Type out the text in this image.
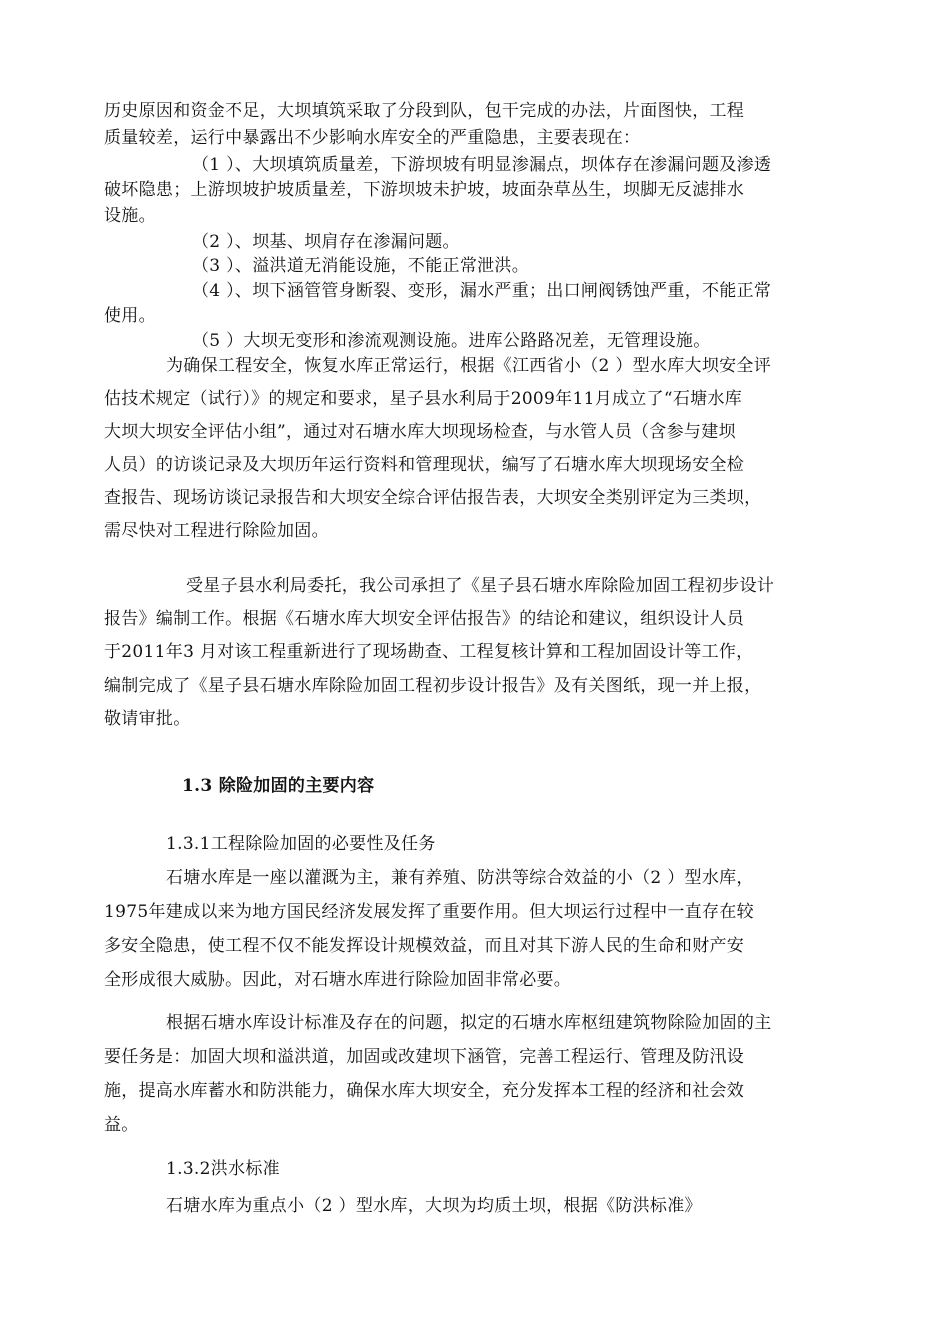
历史原因和资金不足，大坝填筑采取了分段到队，包干完成的办法，片面图快，工程
质量较差，运行中暴露出不少影响水库安全的严重隐患，主要表现在：
（1 ）、大坝填筑质量差，下游坝坡有明显渗漏点，坝体存在渗漏问题及渗透
破坏隐患；上游坝坡护坡质量差，下游坝坡未护坡，坡面杂草丛生，坝脚无反滤排水
设施。
（2 ）、坝基、坝肩存在渗漏问题。
（3 ）、溢洪道无消能设施，不能正常泄洪。
（4 ）、坝下涵管管身断裂、变形，漏水严重；出口闸阀锈蚀严重，不能正常
使用。
（5 ）大坝无变形和渗流观测设施。进库公路路况差，无管理设施。
为确保工程安全，恢复水库正常运行，根据《江西省小（2 ）型水库大坝安全评
估技术规定（试行）》的规定和要求，星子县水利局于2009年11月成立了“石塘水库
大坝大坝安全评估小组”，通过对石塘水库大坝现场检查，与水管人员（含参与建坝
人员）的访谈记录及大坝历年运行资料和管理现状，编写了石塘水库大坝现场安全检
查报告、现场访谈记录报告和大坝安全综合评估报告表，大坝安全类别评定为三类坝，
需尽快对工程进行除险加固。
受星子县水利局委托，我公司承担了《星子县石塘水库除险加固工程初步设计
报告》编制工作。根据《石塘水库大坝安全评估报告》的结论和建议，组织设计人员
于2011年3 月对该工程重新进行了现场勘查、工程复核计算和工程加固设计等工作，
编制完成了《星子县石塘水库除险加固工程初步设计报告》及有关图纸，现一并上报，
敬请审批。
1.3 除险加固的主要内容
1.3.1工程除险加固的必要性及任务
石塘水库是一座以灌溉为主，兼有养殖、防洪等综合效益的小（2 ）型水库，
1975年建成以来为地方国民经济发展发挥了重要作用。但大坝运行过程中一直存在较
多安全隐患，使工程不仅不能发挥设计规模效益，而且对其下游人民的生命和财产安
全形成很大威胁。因此，对石塘水库进行除险加固非常必要。
根据石塘水库设计标准及存在的问题，拟定的石塘水库枢纽建筑物除险加固的主
要任务是：加固大坝和溢洪道，加固或改建坝下涵管，完善工程运行、管理及防汛设
施，提高水库蓄水和防洪能力，确保水库大坝安全，充分发挥本工程的经济和社会效
益。
1.3.2洪水标准
石塘水库为重点小（2 ）型水库，大坝为均质土坝，根据《防洪标准》
